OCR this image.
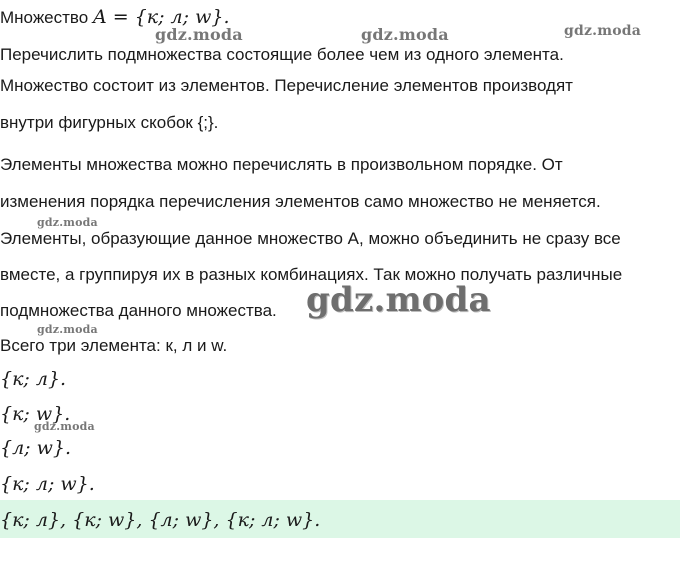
Множество A = {к; л; w}.
Перечислить подмножества состоящие более чем из одного элемента.
Множество состоит из элементов. Перечисление элементов производят
внутри фигурных скобок {;}.
Элементы множества можно перечислять в произвольном порядке. От
изменения порядка перечисления элементов само множество не меняется.
Элементы, образующие данное множество А, можно объединить не сразу все
вместе, а группируя их в разных комбинациях. Так можно получать различные
подмножества данного множества.
Всего три элемента: к, л и w.
{к; л}.
{к; w}.
{л; w}.
{к; л; w}.
{к; л}, {к; w}, {л; w}, {к; л; w}.
gdz.moda	gdz.moda	gdz.moda
gdz.moda
gdz.moda
gdz.moda
gdz.moda
